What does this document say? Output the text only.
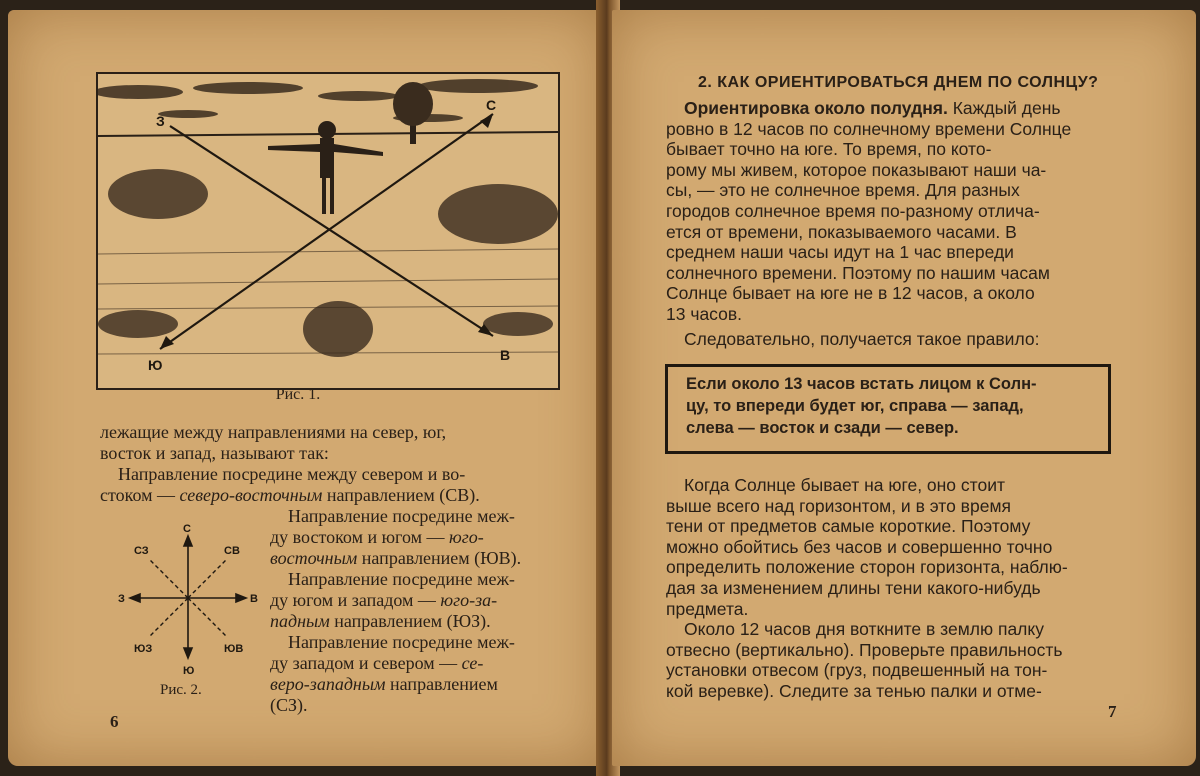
З
С
Ю
В
Рис. 1.
лежащие между направлениями на север, юг,
восток и запад, называют так:
Направление посредине между севером и во-
стоком — северо-восточным направлением (СВ).
Направление посредине меж-
ду востоком и югом — юго-
восточным направлением (ЮВ).
Направление посредине меж-
ду югом и западом — юго-за-
падным направлением (ЮЗ).
Направление посредине меж-
ду западом и севером — се-
веро-западным направлением
(СЗ).
С
Ю
В
З
СВ
ЮВ
ЮЗ
СЗ
Рис. 2.
6
2. КАК ОРИЕНТИРОВАТЬСЯ ДНЕМ ПО СОЛНЦУ?
Ориентировка около полудня. Каждый день
ровно в 12 часов по солнечному времени Солнце
бывает точно на юге. То время, по кото-
рому мы живем, которое показывают наши ча-
сы, — это не солнечное время. Для разных
городов солнечное время по-разному отлича-
ется от времени, показываемого часами. В
среднем наши часы идут на 1 час впереди
солнечного времени. Поэтому по нашим часам
Солнце бывает на юге не в 12 часов, а около
13 часов.
Следовательно, получается такое правило:
Если около 13 часов встать лицом к Солн-
цу, то впереди будет юг, справа — запад,
слева — восток и сзади — север.
Когда Солнце бывает на юге, оно стоит
выше всего над горизонтом, и в это время
тени от предметов самые короткие. Поэтому
можно обойтись без часов и совершенно точно
определить положение сторон горизонта, наблю-
дая за изменением длины тени какого-нибудь
предмета.
Около 12 часов дня воткните в землю палку
отвесно (вертикально). Проверьте правильность
установки отвесом (груз, подвешенный на тон-
кой веревке). Следите за тенью палки и отме-
7
